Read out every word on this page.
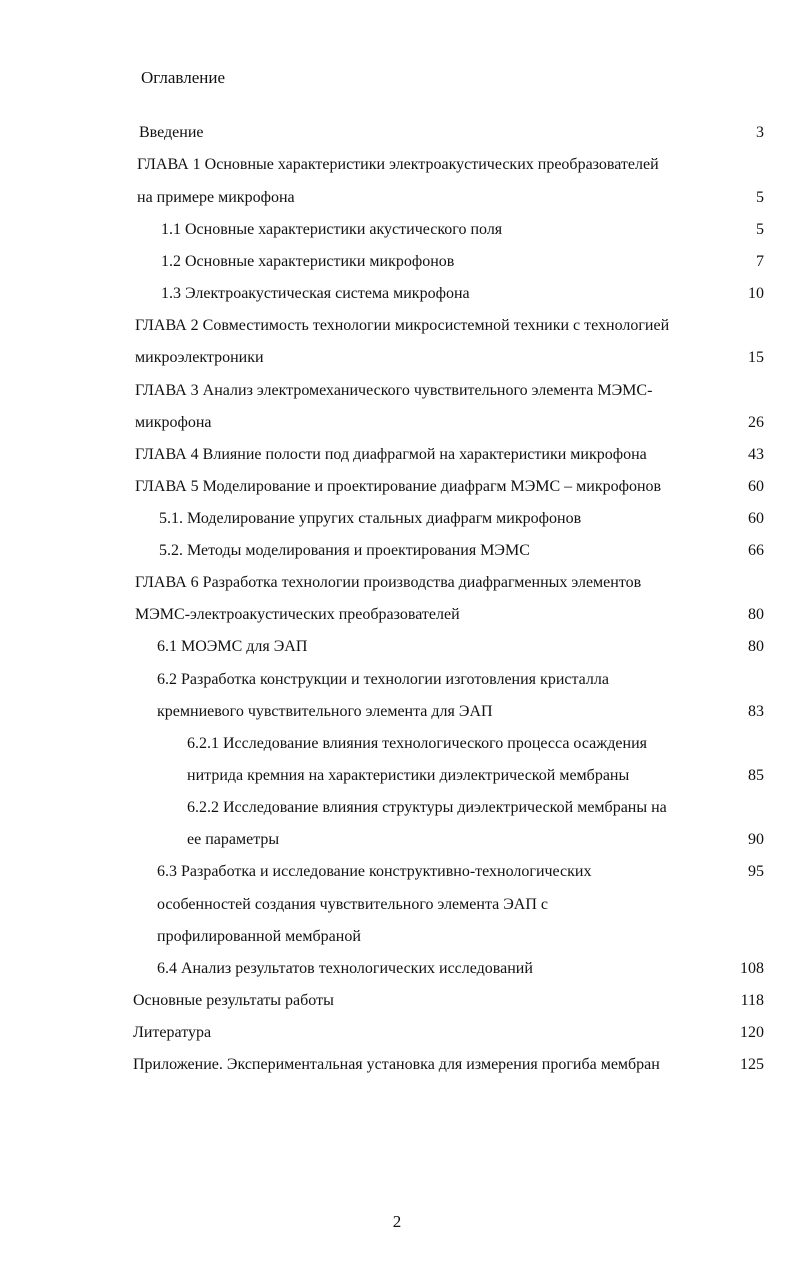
Оглавление
Введение	3
ГЛАВА 1 Основные характеристики электроакустических преобразователей
на примере микрофона	5
1.1 Основные характеристики акустического поля	5
1.2 Основные характеристики микрофонов	7
1.3 Электроакустическая система микрофона	10
ГЛАВА 2 Совместимость технологии микросистемной техники с технологией
микроэлектроники	15
ГЛАВА 3 Анализ электромеханического чувствительного элемента МЭМС-
микрофона	26
ГЛАВА 4 Влияние полости под диафрагмой на характеристики микрофона	43
ГЛАВА 5 Моделирование и проектирование диафрагм МЭМС – микрофонов	60
5.1. Моделирование упругих стальных диафрагм микрофонов	60
5.2. Методы моделирования и проектирования МЭМС	66
ГЛАВА 6 Разработка технологии производства диафрагменных элементов
МЭМС-электроакустических преобразователей	80
6.1 МОЭМС для ЭАП	80
6.2 Разработка конструкции и технологии изготовления кристалла
кремниевого чувствительного элемента для ЭАП	83
6.2.1 Исследование влияния технологического процесса осаждения
нитрида кремния на характеристики диэлектрической мембраны	85
6.2.2 Исследование влияния структуры диэлектрической мембраны на
ее параметры	90
6.3 Разработка и исследование конструктивно-технологических	95
особенностей создания чувствительного элемента ЭАП с
профилированной мембраной
6.4 Анализ результатов технологических исследований	108
Основные результаты работы	118
Литература	120
Приложение. Экспериментальная установка для измерения прогиба мембран	125
2
